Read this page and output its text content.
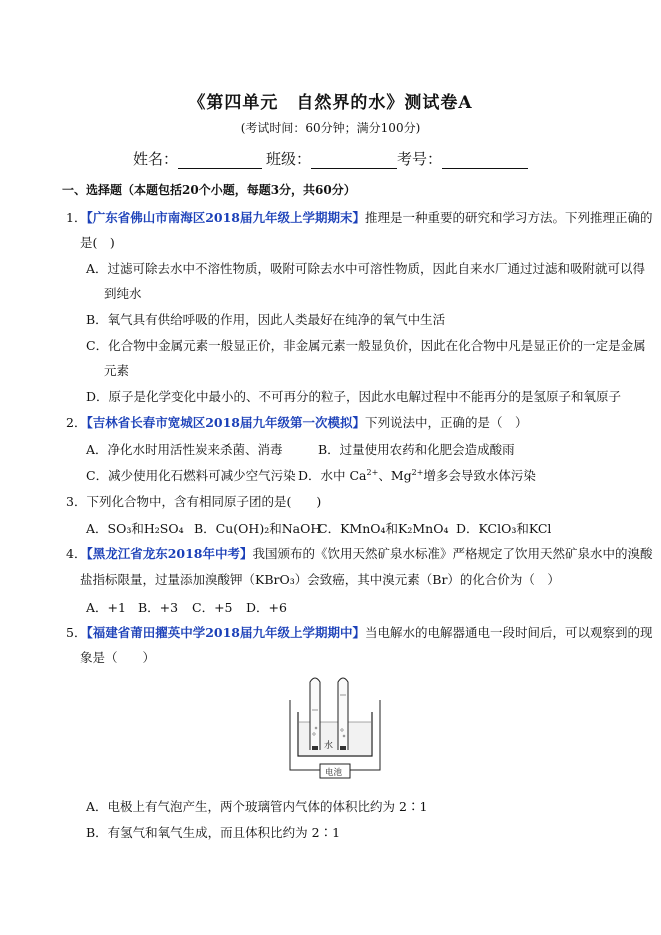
《第四单元　自然界的水》测试卷A
(考试时间：60分钟；满分100分)
姓名：	班级：	考号：
一、选择题（本题包括20个小题，每题3分，共60分）
1．【广东省佛山市南海区2018届九年级上学期期末】推理是一种重要的研究和学习方法。下列推理正确的
是(　)
A．过滤可除去水中不溶性物质，吸附可除去水中可溶性物质，因此自来水厂通过过滤和吸附就可以得
到纯水
B．氧气具有供给呼吸的作用，因此人类最好在纯净的氧气中生活
C．化合物中金属元素一般显正价，非金属元素一般显负价，因此在化合物中凡是显正价的一定是金属
元素
D．原子是化学变化中最小的、不可再分的粒子，因此水电解过程中不能再分的是氢原子和氧原子
2．【吉林省长春市宽城区2018届九年级第一次模拟】下列说法中，正确的是（　）
A．净化水时用活性炭来杀菌、消毒	B．过量使用农药和化肥会造成酸雨
C．减少使用化石燃料可减少空气污染 D．水中 $Ca^{2+}$、$Mg^{2+}$增多会导致水体污染
3．下列化合物中，含有相同原子团的是(　　)
A．SO₃和H₂SO₄ B．Cu(OH)₂和NaOH
C．KMnO₄和K₂MnO₄ D．KClO₃和KCl
4．【黑龙江省龙东2018年中考】我国颁布的《饮用天然矿泉水标准》严格规定了饮用天然矿泉水中的溴酸
盐指标限量，过量添加溴酸钾（KBrO₃）会致癌，其中溴元素（Br）的化合价为（　）
A．+1 B．+3 C．+5 D．+6
5．【福建省莆田擢英中学2018届九年级上学期期中】当电解水的电解器通电一段时间后，可以观察到的现
象是（　　）
水
电池
A．电极上有气泡产生，两个玻璃管内气体的体积比约为 2∶1
B．有氢气和氧气生成，而且体积比约为 2∶1
